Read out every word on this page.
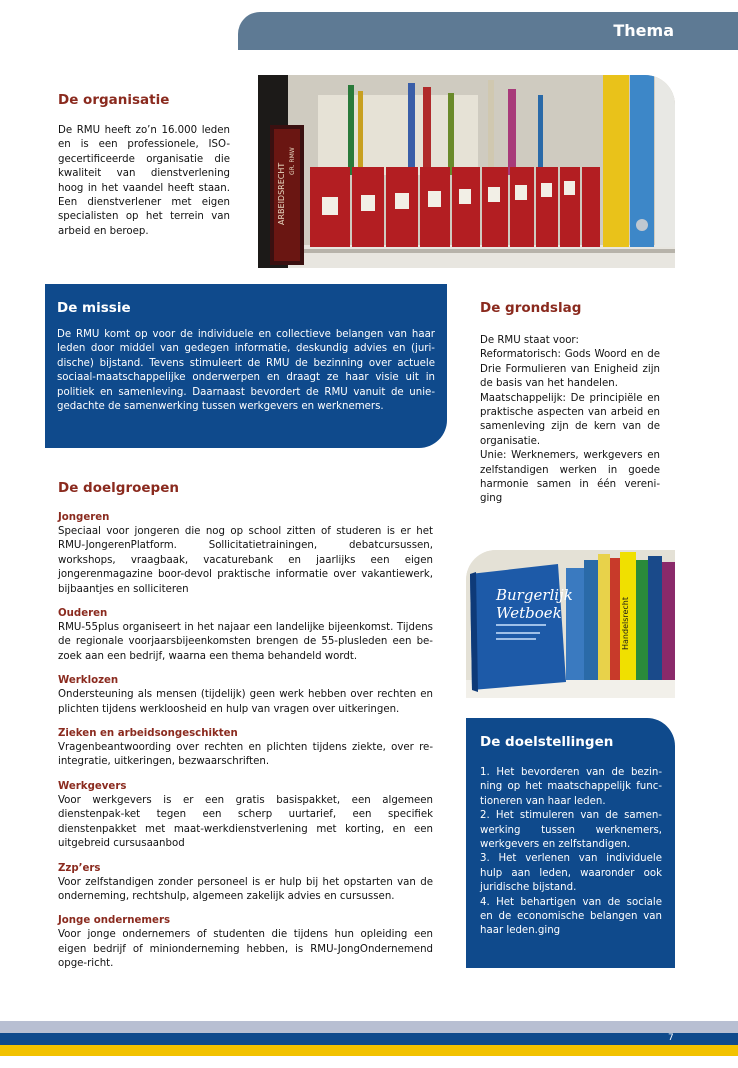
Thema
De organisatie

De RMU heeft zo’n 16.000 leden en is een professionele, ISO-gecertificeerde organisatie die kwaliteit van dienstverlening hoog in het vaandel heeft staan. Een dienstverlener met eigen specialisten op het terrein van arbeid en beroep.

ARBEIDSRECHT
GR. RMW
De missie

De RMU komt op voor de individuele en collectieve belangen van haar leden door middel van gedegen informatie, deskundig advies en (juri-dische) bijstand. Tevens stimuleert de RMU de bezinning over actuele sociaal-maatschappelijke onderwerpen en draagt ze haar visie uit in politiek en samenleving. Daarnaast bevordert de RMU vanuit de unie-gedachte de samenwerking tussen werkgevers en werknemers.

De grondslag

De RMU staat voor:

Reformatorisch: Gods Woord en de Drie Formulieren van Enigheid zijn de basis van het handelen.

Maatschappelijk: De principiële en praktische aspecten van arbeid en samenleving zijn de kern van de organisatie.

Unie: Werknemers, werkgevers en zelfstandigen werken in goede harmonie samen in één vereni-ging

Handelsrecht
Burgerlijk
Wetboek
De doelgroepen
Jongeren

Speciaal voor jongeren die nog op school zitten of studeren is er het RMU-JongerenPlatform. Sollicitatietrainingen, debatcursussen, workshops, vraagbaak, vacaturebank en jaarlijks een eigen jongerenmagazine boor-devol praktische informatie over vakantiewerk, bijbaantjes en solliciteren

Ouderen

RMU-55plus organiseert in het najaar een landelijke bijeenkomst. Tijdens de regionale voorjaarsbijeenkomsten brengen de 55-plusleden een be-zoek aan een bedrijf, waarna een thema behandeld wordt.

Werklozen

Ondersteuning als mensen (tijdelijk) geen werk hebben over rechten en plichten tijdens werkloosheid en hulp van vragen over uitkeringen.

Zieken en arbeidsongeschikten

Vragenbeantwoording over rechten en plichten tijdens ziekte, over re-integratie, uitkeringen, bezwaarschriften.

Werkgevers

Voor werkgevers is er een gratis basispakket, een algemeen dienstenpak-ket tegen een scherp uurtarief, een specifiek dienstenpakket met maat-werkdienstverlening met korting, en een uitgebreid cursusaanbod

Zzp’ers

Voor zelfstandigen zonder personeel is er hulp bij het opstarten van de onderneming, rechtshulp, algemeen zakelijk advies en cursussen.

Jonge ondernemers

Voor jonge ondernemers of studenten die tijdens hun opleiding een eigen bedrijf of minionderneming hebben, is RMU-JongOndernemend opge-richt.

De doelstellingen

1. Het bevorderen van de bezin-ning op het maatschappelijk func-tioneren van haar leden.

2. Het stimuleren van de samen-werking tussen werknemers, werkgevers en zelfstandigen.

3. Het verlenen van individuele hulp aan leden, waaronder ook juridische bijstand.

4. Het behartigen van de sociale en de economische belangen van haar leden.ging

7
